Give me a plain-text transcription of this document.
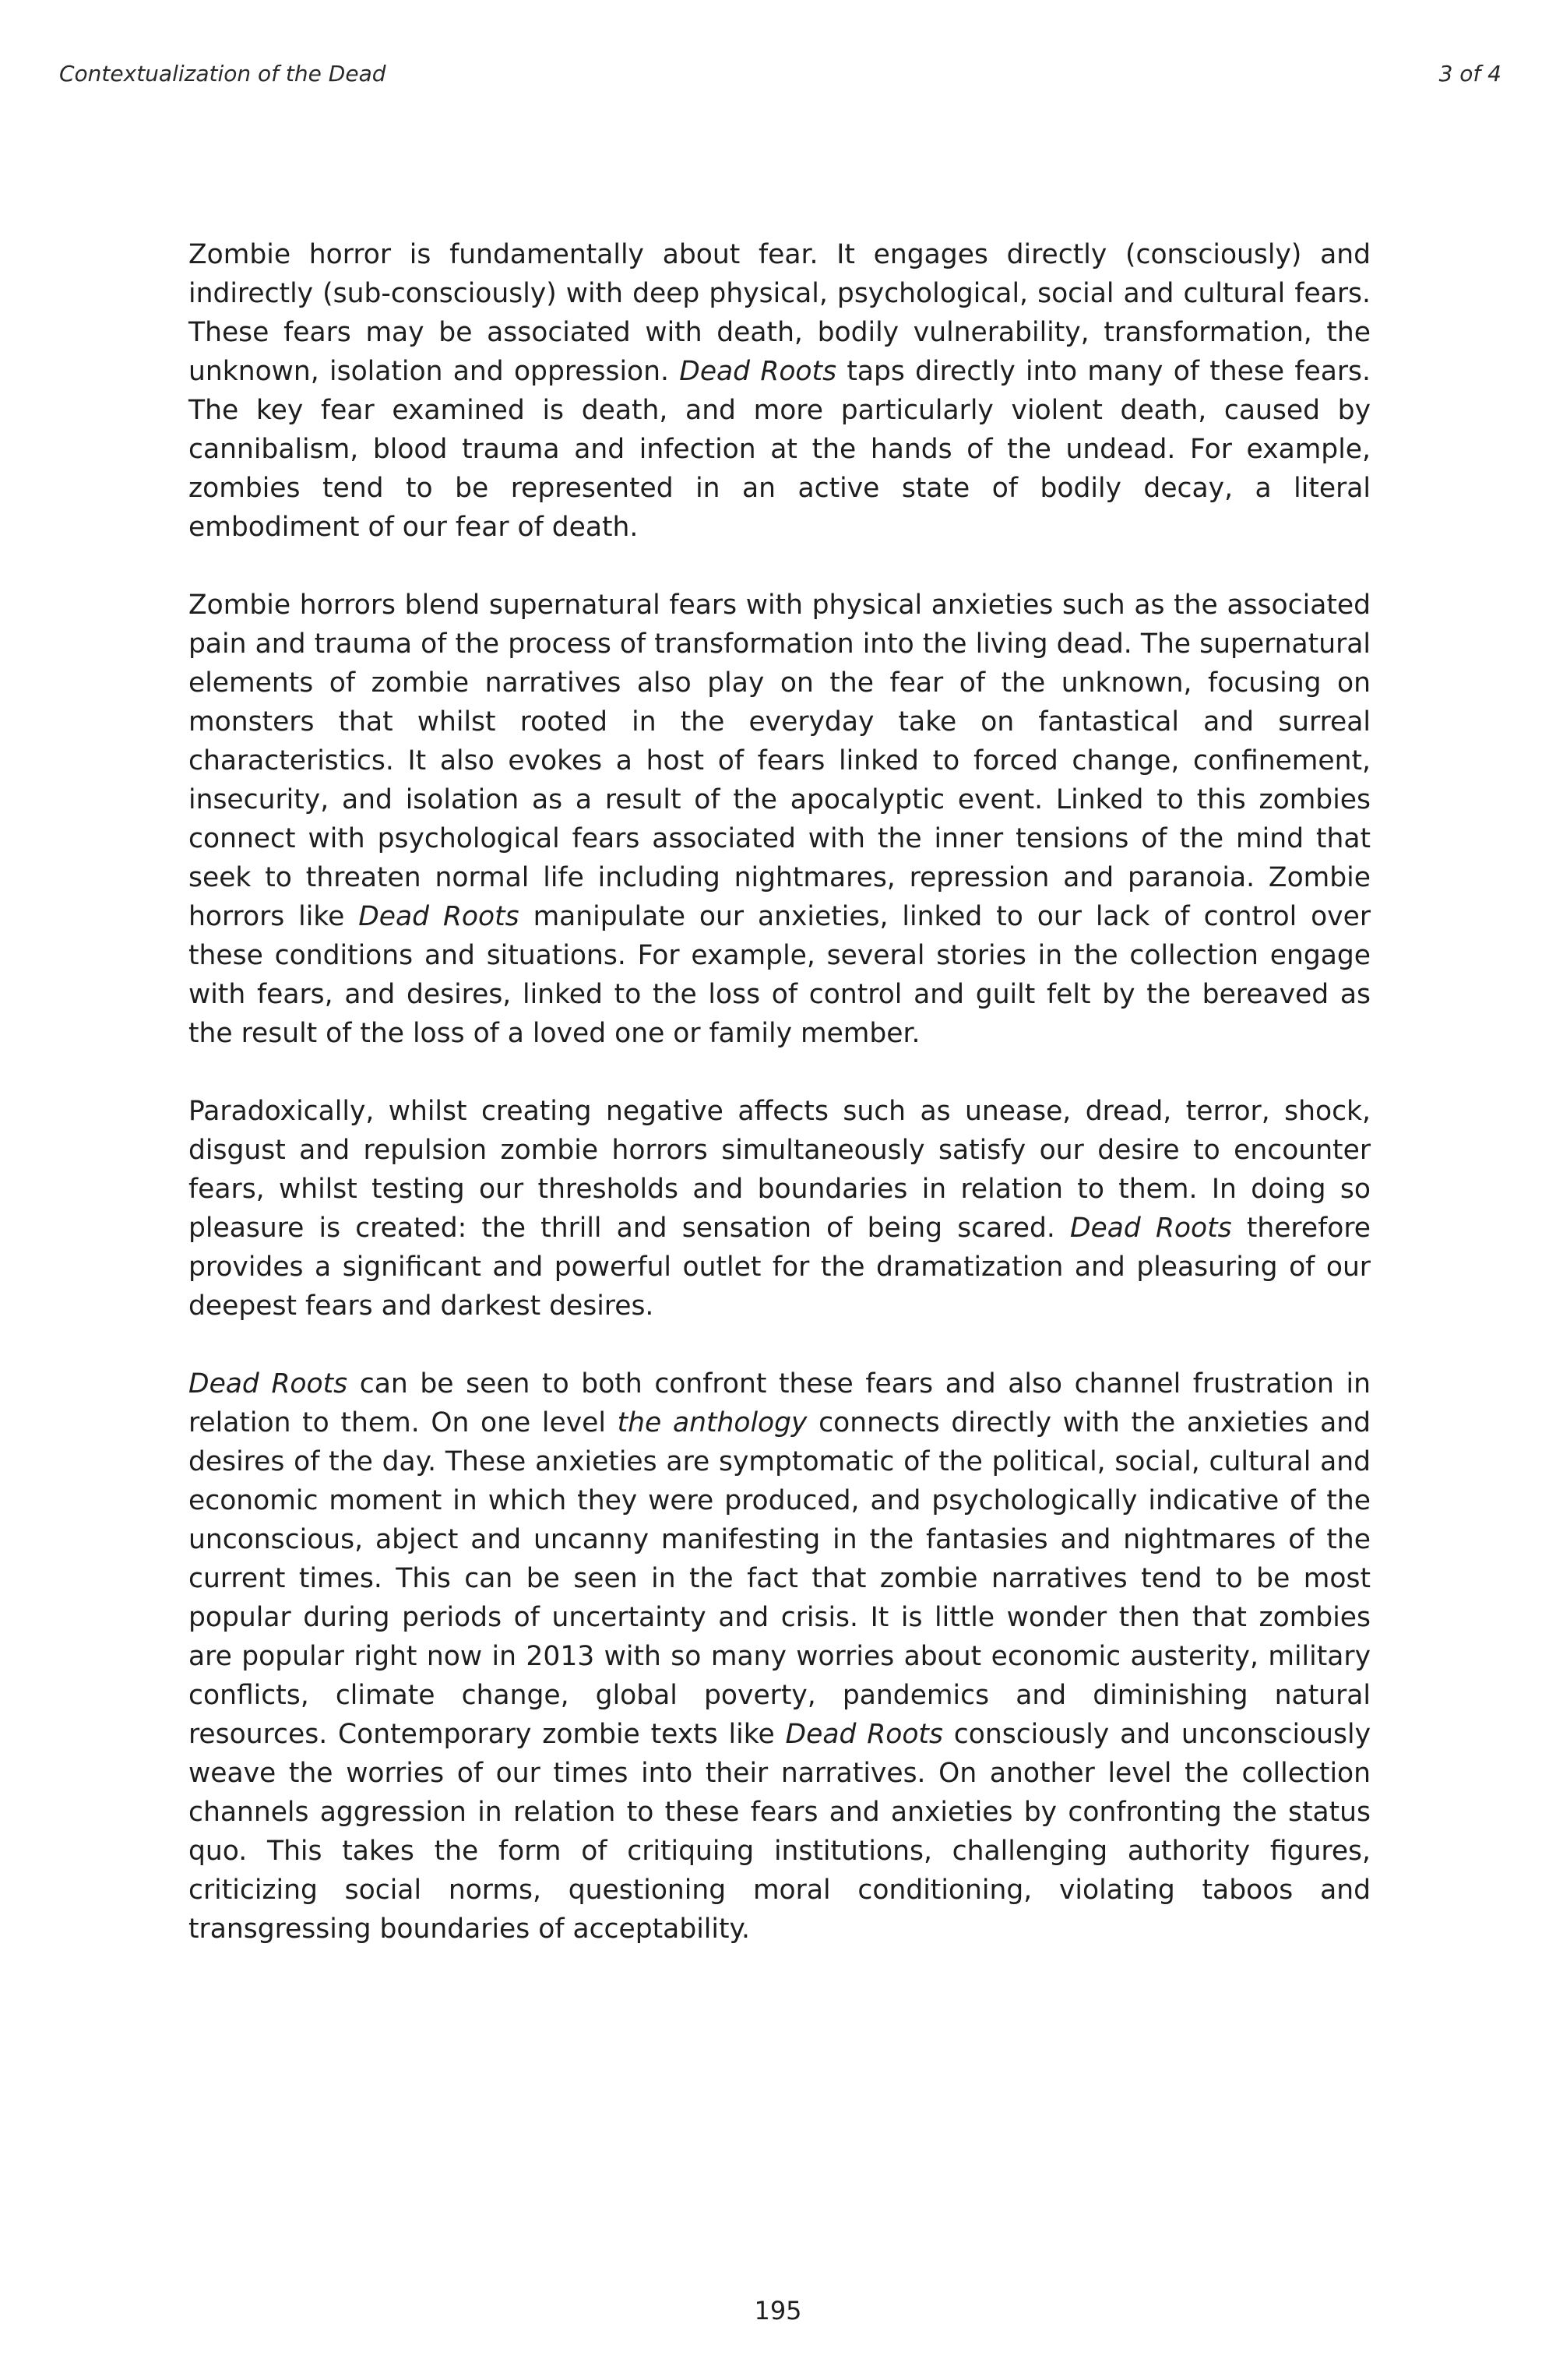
Contextualization of the Dead	3 of 4

Zombie horror is fundamentally about fear. It engages directly (consciously) and indirectly (sub-consciously) with deep physical, psychological, social and cultural fears. These fears may be associated with death, bodily vulnerability, transformation, the unknown, isolation and oppression. Dead Roots taps directly into many of these fears. The key fear examined is death, and more particularly violent death, caused by cannibalism, blood trauma and infection at the hands of the undead. For example, zombies tend to be represented in an active state of bodily decay, a literal embodiment of our fear of death.

Zombie horrors blend supernatural fears with physical anxieties such as the associated pain and trauma of the process of transformation into the living dead. The supernatural elements of zombie narratives also play on the fear of the unknown, focusing on monsters that whilst rooted in the everyday take on fantastical and surreal characteristics. It also evokes a host of fears linked to forced change, confinement, insecurity, and isolation as a result of the apocalyptic event. Linked to this zombies connect with psychological fears associated with the inner tensions of the mind that seek to threaten normal life including nightmares, repression and paranoia. Zombie horrors like Dead Roots manipulate our anxieties, linked to our lack of control over these conditions and situations. For example, several stories in the collection engage with fears, and desires, linked to the loss of control and guilt felt by the bereaved as the result of the loss of a loved one or family member.

Paradoxically, whilst creating negative affects such as unease, dread, terror, shock, disgust and repulsion zombie horrors simultaneously satisfy our desire to encounter fears, whilst testing our thresholds and boundaries in relation to them. In doing so pleasure is created: the thrill and sensation of being scared. Dead Roots therefore provides a significant and powerful outlet for the dramatization and pleasuring of our deepest fears and darkest desires.

Dead Roots can be seen to both confront these fears and also channel frustration in relation to them. On one level the anthology connects directly with the anxieties and desires of the day. These anxieties are symptomatic of the political, social, cultural and economic moment in which they were produced, and psychologically indicative of the unconscious, abject and uncanny manifesting in the fantasies and nightmares of the current times. This can be seen in the fact that zombie narratives tend to be most popular during periods of uncertainty and crisis. It is little wonder then that zombies are popular right now in 2013 with so many worries about economic austerity, military conflicts, climate change, global poverty, pandemics and diminishing natural resources. Contemporary zombie texts like Dead Roots consciously and unconsciously weave the worries of our times into their narratives. On another level the collection channels aggression in relation to these fears and anxieties by confronting the status quo. This takes the form of critiquing institutions, challenging authority figures, criticizing social norms, questioning moral conditioning, violating taboos and transgressing boundaries of acceptability.

195
